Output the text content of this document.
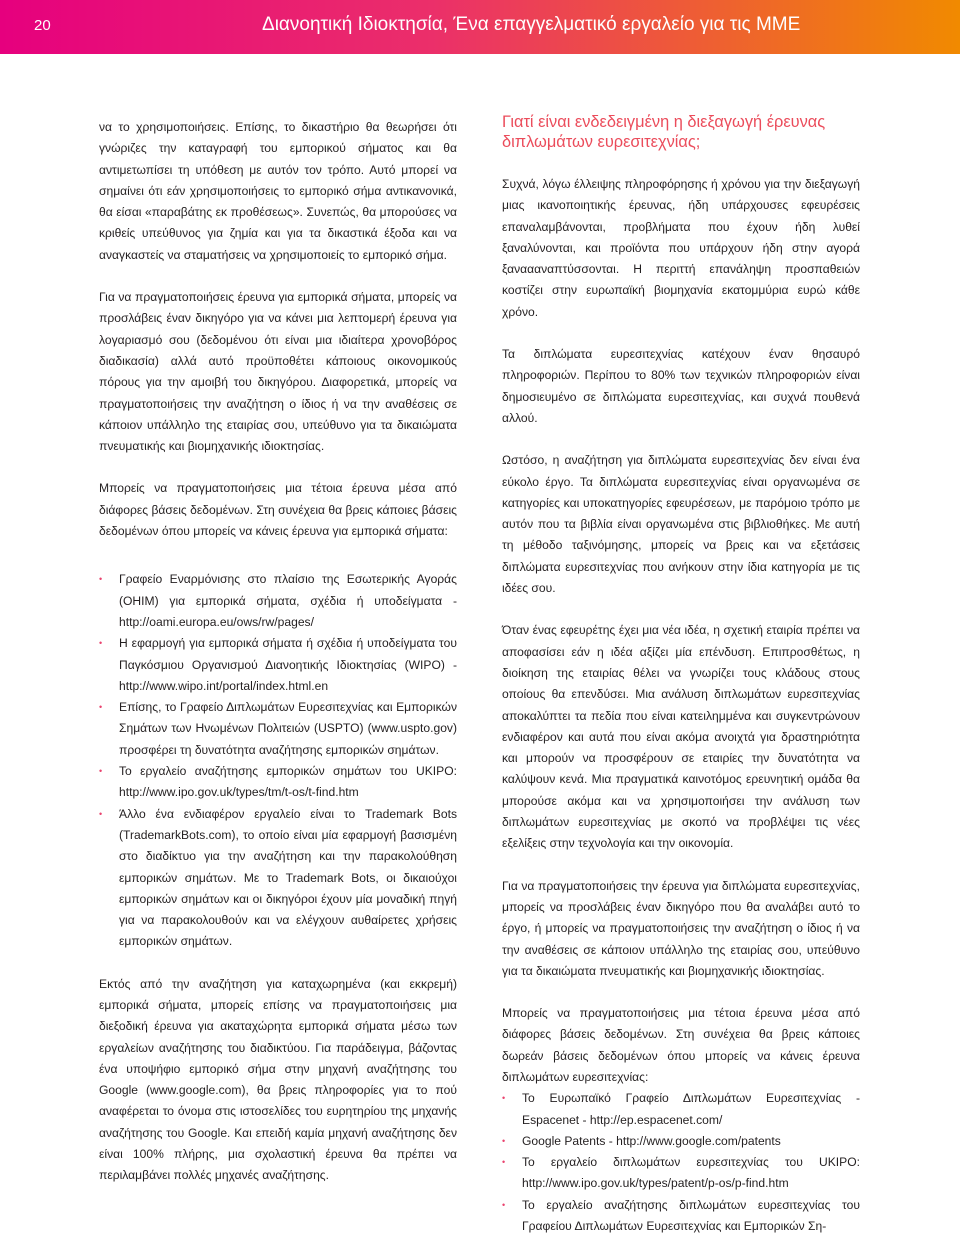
20	Διανοητική Ιδιοκτησία, Ένα επαγγελματικό εργαλείο για τις ΜΜΕ

να το χρησιμοποιήσεις. Επίσης, το δικαστήριο θα θεωρήσει ότι γνώριζες την καταγραφή του εμπορικού σήματος και θα αντιμετωπίσει τη υπόθεση με αυτόν τον τρόπο. Αυτό μπορεί να σημαίνει ότι εάν χρησιμοποιήσεις το εμπορικό σήμα αντικανονικά, θα είσαι «παραβάτης εκ προθέσεως». Συνεπώς, θα μπορούσες να κριθείς υπεύθυνος για ζημία και για τα δικαστικά έξοδα και να αναγκαστείς να σταματήσεις να χρησιμοποιείς το εμπορικό σήμα.

Για να πραγματοποιήσεις έρευνα για εμπορικά σήματα, μπορείς να προσλάβεις έναν δικηγόρο για να κάνει μια λεπτομερή έρευνα για λογαριασμό σου (δεδομένου ότι είναι μια ιδιαίτερα χρονοβόρος διαδικασία) αλλά αυτό προϋποθέτει κάποιους οικονομικούς πόρους για την αμοιβή του δικηγόρου. Διαφορετικά, μπορείς να πραγματοποιήσεις την αναζήτηση ο ίδιος ή να την αναθέσεις σε κάποιον υπάλληλο της εταιρίας σου, υπεύθυνο για τα δικαιώματα πνευματικής και βιομηχανικής ιδιοκτησίας.

Μπορείς να πραγματοποιήσεις μια τέτοια έρευνα μέσα από διάφορες βάσεις δεδομένων. Στη συνέχεια θα βρεις κάποιες βάσεις δεδομένων όπου μπορείς να κάνεις έρευνα για εμπορικά σήματα:

• Γραφείο Εναρμόνισης στο πλαίσιο της Εσωτερικής Αγοράς (OHIM) για εμπορικά σήματα, σχέδια ή υποδείγματα - http://oami.europa.eu/ows/rw/pages/
• Η εφαρμογή για εμπορικά σήματα ή σχέδια ή υποδείγματα του Παγκόσμιου Οργανισμού Διανοητικής Ιδιοκτησίας (WIPO) - http://www.wipo.int/portal/index.html.en
• Επίσης, το Γραφείο Διπλωμάτων Ευρεσιτεχνίας και Εμπορικών Σημάτων των Ηνωμένων Πολιτειών (USPTO) (www.uspto.gov) προσφέρει τη δυνατότητα αναζήτησης εμπορικών σημάτων.
• Το εργαλείο αναζήτησης εμπορικών σημάτων του UKIPO: http://www.ipo.gov.uk/types/tm/t-os/t-find.htm
• Άλλο ένα ενδιαφέρον εργαλείο είναι το Trademark Bots (TrademarkBots.com), το οποίο είναι μία εφαρμογή βασισμένη στο διαδίκτυο για την αναζήτηση και την παρακολούθηση εμπορικών σημάτων. Με το Trademark Bots, οι δικαιούχοι εμπορικών σημάτων και οι δικηγόροι έχουν μία μοναδική πηγή για να παρακολουθούν και να ελέγχουν αυθαίρετες χρήσεις εμπορικών σημάτων.

Εκτός από την αναζήτηση για καταχωρημένα (και εκκρεμή) εμπορικά σήματα, μπορείς επίσης να πραγματοποιήσεις μια διεξοδική έρευνα για ακαταχώρητα εμπορικά σήματα μέσω των εργαλείων αναζήτησης του διαδικτύου. Για παράδειγμα, βάζοντας ένα υποψήφιο εμπορικό σήμα στην μηχανή αναζήτησης του Google (www.google.com), θα βρεις πληροφορίες για το πού αναφέρεται το όνομα στις ιστοσελίδες του ευρητηρίου της μηχανής αναζήτησης του Google. Και επειδή καμία μηχανή αναζήτησης δεν είναι 100% πλήρης, μια σχολαστική έρευνα θα πρέπει να περιλαμβάνει πολλές μηχανές αναζήτησης.

Γιατί είναι ενδεδειγμένη η διεξαγωγή έρευνας διπλωμάτων ευρεσιτεχνίας;

Συχνά, λόγω έλλειψης πληροφόρησης ή χρόνου για την διεξαγωγή μιας ικανοποιητικής έρευνας, ήδη υπάρχουσες εφευρέσεις επαναλαμβάνονται, προβλήματα που έχουν ήδη λυθεί ξαναλύνονται, και προϊόντα που υπάρχουν ήδη στην αγορά ξαναααναπτύσσονται. Η περιττή επανάληψη προσπαθειών κοστίζει στην ευρωπαϊκή βιομηχανία εκατομμύρια ευρώ κάθε χρόνο.

Τα διπλώματα ευρεσιτεχνίας κατέχουν έναν θησαυρό πληροφοριών. Περίπου το 80% των τεχνικών πληροφοριών είναι δημοσιευμένο σε διπλώματα ευρεσιτεχνίας, και συχνά πουθενά αλλού.

Ωστόσο, η αναζήτηση για διπλώματα ευρεσιτεχνίας δεν είναι ένα εύκολο έργο. Τα διπλώματα ευρεσιτεχνίας είναι οργανωμένα σε κατηγορίες και υποκατηγορίες εφευρέσεων, με παρόμοιο τρόπο με αυτόν που τα βιβλία είναι οργανωμένα στις βιβλιοθήκες. Με αυτή τη μέθοδο ταξινόμησης, μπορείς να βρεις και να εξετάσεις διπλώματα ευρεσιτεχνίας που ανήκουν στην ίδια κατηγορία με τις ιδέες σου.

Όταν ένας εφευρέτης έχει μια νέα ιδέα, η σχετική εταιρία πρέπει να αποφασίσει εάν η ιδέα αξίζει μία επένδυση. Επιπροσθέτως, η διοίκηση της εταιρίας θέλει να γνωρίζει τους κλάδους στους οποίους θα επενδύσει. Μια ανάλυση διπλωμάτων ευρεσιτεχνίας αποκαλύπτει τα πεδία που είναι κατειλημμένα και συγκεντρώνουν ενδιαφέρον και αυτά που είναι ακόμα ανοιχτά για δραστηριότητα και μπορούν να προσφέρουν σε εταιρίες την δυνατότητα να καλύψουν κενά. Μια πραγματικά καινοτόμος ερευνητική ομάδα θα μπορούσε ακόμα και να χρησιμοποιήσει την ανάλυση των διπλωμάτων ευρεσιτεχνίας με σκοπό να προβλέψει τις νέες εξελίξεις στην τεχνολογία και την οικονομία.

Για να πραγματοποιήσεις την έρευνα για διπλώματα ευρεσιτεχνίας, μπορείς να προσλάβεις έναν δικηγόρο που θα αναλάβει αυτό το έργο, ή μπορείς να πραγματοποιήσεις την αναζήτηση ο ίδιος ή να την αναθέσεις σε κάποιον υπάλληλο της εταιρίας σου, υπεύθυνο για τα δικαιώματα πνευματικής και βιομηχανικής ιδιοκτησίας.

Μπορείς να πραγματοποιήσεις μια τέτοια έρευνα μέσα από διάφορες βάσεις δεδομένων. Στη συνέχεια θα βρεις κάποιες δωρεάν βάσεις δεδομένων όπου μπορείς να κάνεις έρευνα διπλωμάτων ευρεσιτεχνίας:

• Το Ευρωπαϊκό Γραφείο Διπλωμάτων Ευρεσιτεχνίας - Espacenet - http://ep.espacenet.com/
• Google Patents - http://www.google.com/patents
• Το εργαλείο διπλωμάτων ευρεσιτεχνίας του UKIPO: http://www.ipo.gov.uk/types/patent/p-os/p-find.htm
• Το εργαλείο αναζήτησης διπλωμάτων ευρεσιτεχνίας του Γραφείου Διπλωμάτων Ευρεσιτεχνίας και Εμπορικών Ση-
